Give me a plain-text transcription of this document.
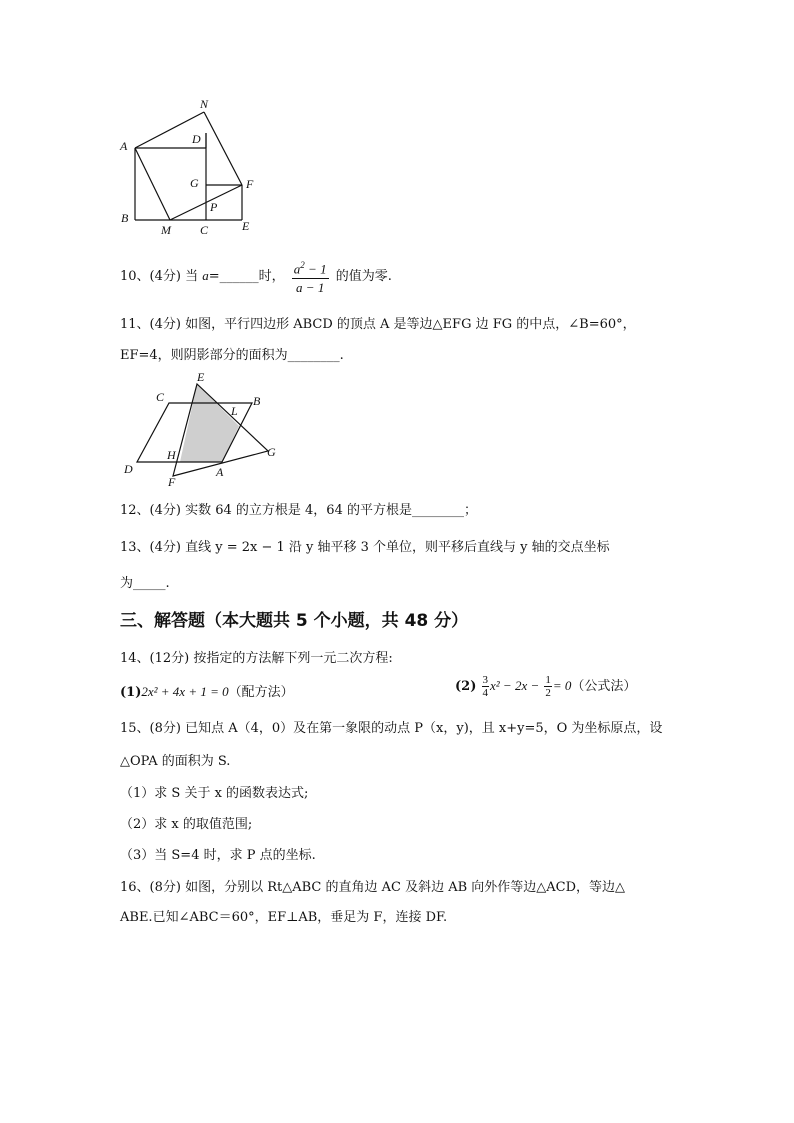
N
A	D
G	F
P
B
M C	E
10、(4分) 当 a=______时， $\frac{a^2 - 1}{a - 1}$ 的值为零.
11、(4分) 如图，平行四边形 ABCD 的顶点 A 是等边△EFG 边 FG 的中点，∠B=60°，
EF=4，则阴影部分的面积为________.
E
C	B
L
H	G
D	A
F
12、(4分) 实数 64 的立方根是 4，64 的平方根是________；
13、(4分) 直线 y = 2x − 1 沿 y 轴平移 3 个单位，则平移后直线与 y 轴的交点坐标
为_____.
三、解答题（本大题共 5 个小题，共 48 分）
14、(12分) 按指定的方法解下列一元二次方程:
(1)2x² + 4x + 1 = 0（配方法）	$(2) \frac{3}{4} x^2 - 2x - \frac{1}{2} = 0$（公式法）
15、(8分) 已知点 A（4，0）及在第一象限的动点 P（x，y)，且 x+y=5，O 为坐标原点，设
△OPA 的面积为 S.
（1）求 S 关于 x 的函数表达式;
（2）求 x 的取值范围;
（3）当 S=4 时，求 P 点的坐标.
16、(8分) 如图，分别以 Rt△ABC 的直角边 AC 及斜边 AB 向外作等边△ACD，等边△
ABE.已知∠ABC＝60°，EF⊥AB，垂足为 F，连接 DF.
